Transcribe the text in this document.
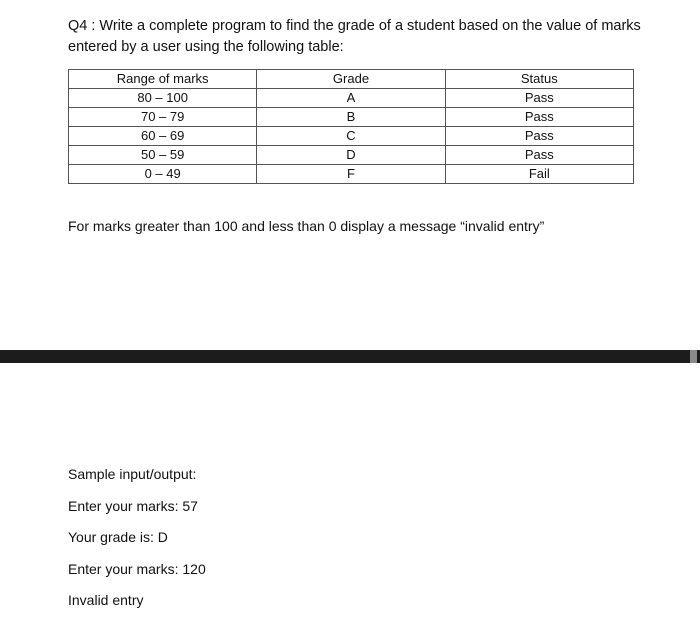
Q4 : Write a complete program to find the grade of a student based on the value of marks entered by a user using the following table:
Range of marks	Grade	Status
80 – 100	A	Pass
70 – 79	B	Pass
60 – 69	C	Pass
50 – 59	D	Pass
0 – 49	F	Fail
For marks greater than 100 and less than 0 display a message “invalid entry”
Sample input/output:
Enter your marks: 57
Your grade is: D
Enter your marks: 120
Invalid entry
